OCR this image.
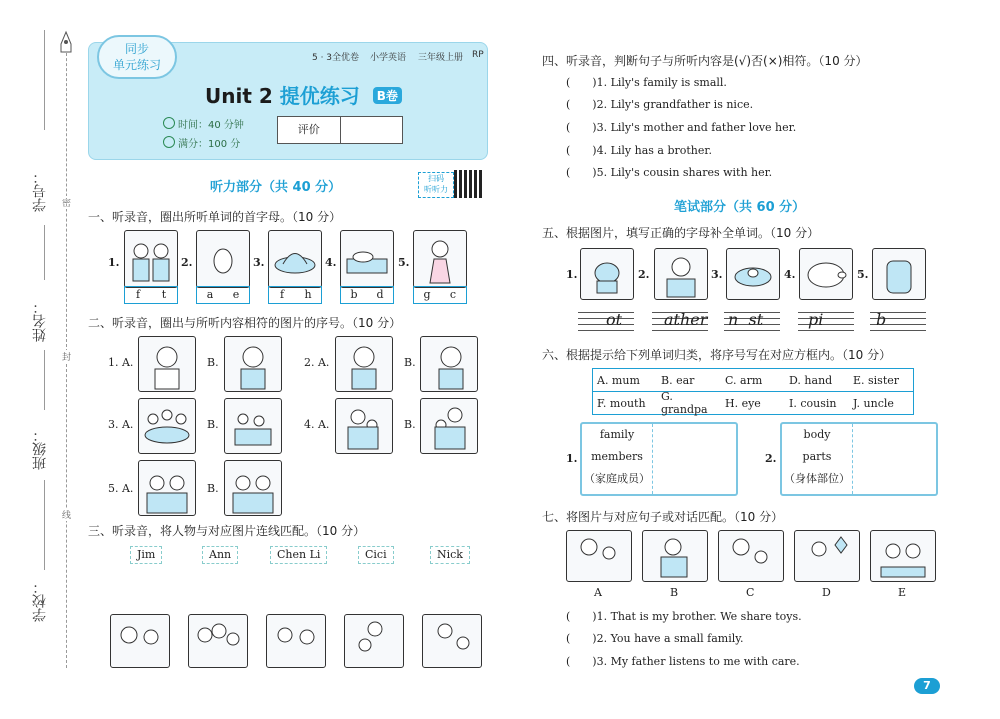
学号：
姓名：
班级：
学校：
密
封
线
同步
单元练习	5 · 3全优卷 小学英语 三年级上册 RP
Unit 2 提优练习 B卷
时间：40 分钟
满分：100 分
评价
听力部分（共 40 分）
扫码
听听力
一、听录音，圈出所听单词的首字母。（10 分）
1.
f	t
2.
a	e
3.
f	h
4.
b	d
5.
g	c
二、听录音，圈出与所听内容相符的图片的序号。（10 分）
1. A.	B.	2. A.	B.
3. A.	B.	4. A.	B.
5. A.	B.
三、听录音，将人物与对应图片连线匹配。（10 分）
Jim	Ann	Chen Li	Cici	Nick
四、听录音，判断句子与所听内容是(√)否(×)相符。（10 分）
(　　)1. Lily's family is small.
(　　)2. Lily's grandfather is nice.
(　　)3. Lily's mother and father love her.
(　　)4. Lily has a brother.
(　　)5. Lily's cousin shares with her.
笔试部分（共 60 分）
五、根据图片，填写正确的字母补全单词。（10 分）
1.	2.	3.	4.	5.
ot	ather n  st	pi	b
六、根据提示给下列单词归类，将序号写在对应方框内。（10 分）
A. mum	B. ear	C. arm	D. hand	E. sister
F. mouth	G. grandpa	H. eye	I. cousin	J. uncle
1.
family
members
（家庭成员）
2.
body
parts
（身体部位）
七、将图片与对应句子或对话匹配。（10 分）
A	B	C	D	E
(　　)1. That is my brother. We share toys.
(　　)2. You have a small family.
(　　)3. My father listens to me with care.
7
